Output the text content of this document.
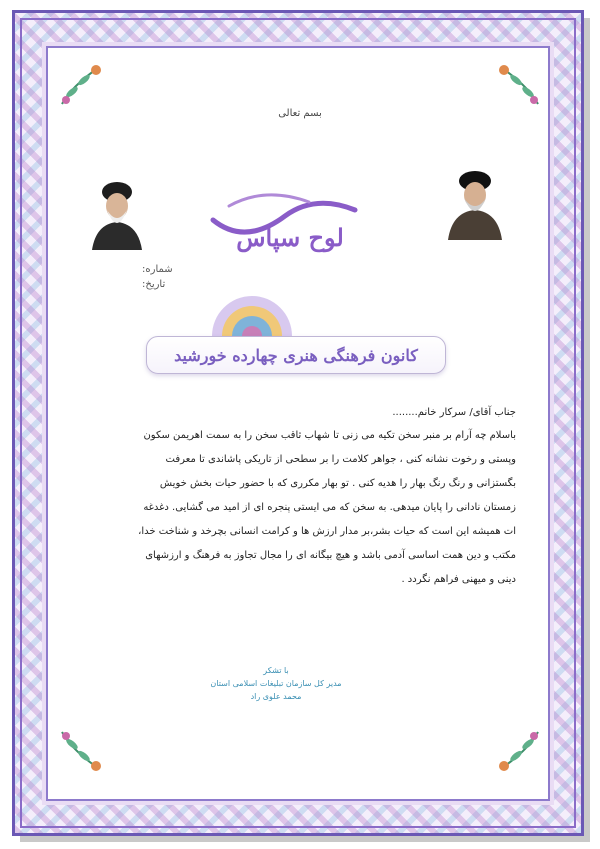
بسم تعالی
لوح سپاس
شماره:
تاریخ:
کانون فرهنگی هنری چهارده خورشید
جناب آقای/ سرکار خانم........
باسلام چه آرام بر منبر سخن تکیه می زنی تا شهاب ثاقب سخن را به سمت اهریمن سکون
وپستی و رخوت نشانه کنی ، جواهر کلامت را بر سطحی از تاریکی پاشاندی تا معرفت
بگستزانی و رنگ رنگ بهار را هدیه کنی . تو بهار مکرری که با حضور حیات بخش خویش
زمستان نادانی را پایان میدهی. به سخن که می ایستی پنجره ای از امید می گشایی. دغدغه
ات همیشه این است که حیات بشر،بر مدار ارزش ها و کرامت انسانی بچرخد و شناخت خدا،
مکتب و دین همت اساسی آدمی باشد و هیچ بیگانه ای را مجال تجاوز به فرهنگ و ارزشهای
دینی و میهنی فراهم نگردد .
با تشکر
مدیر کل سازمان تبلیغات اسلامی استان
محمد علوی راد
